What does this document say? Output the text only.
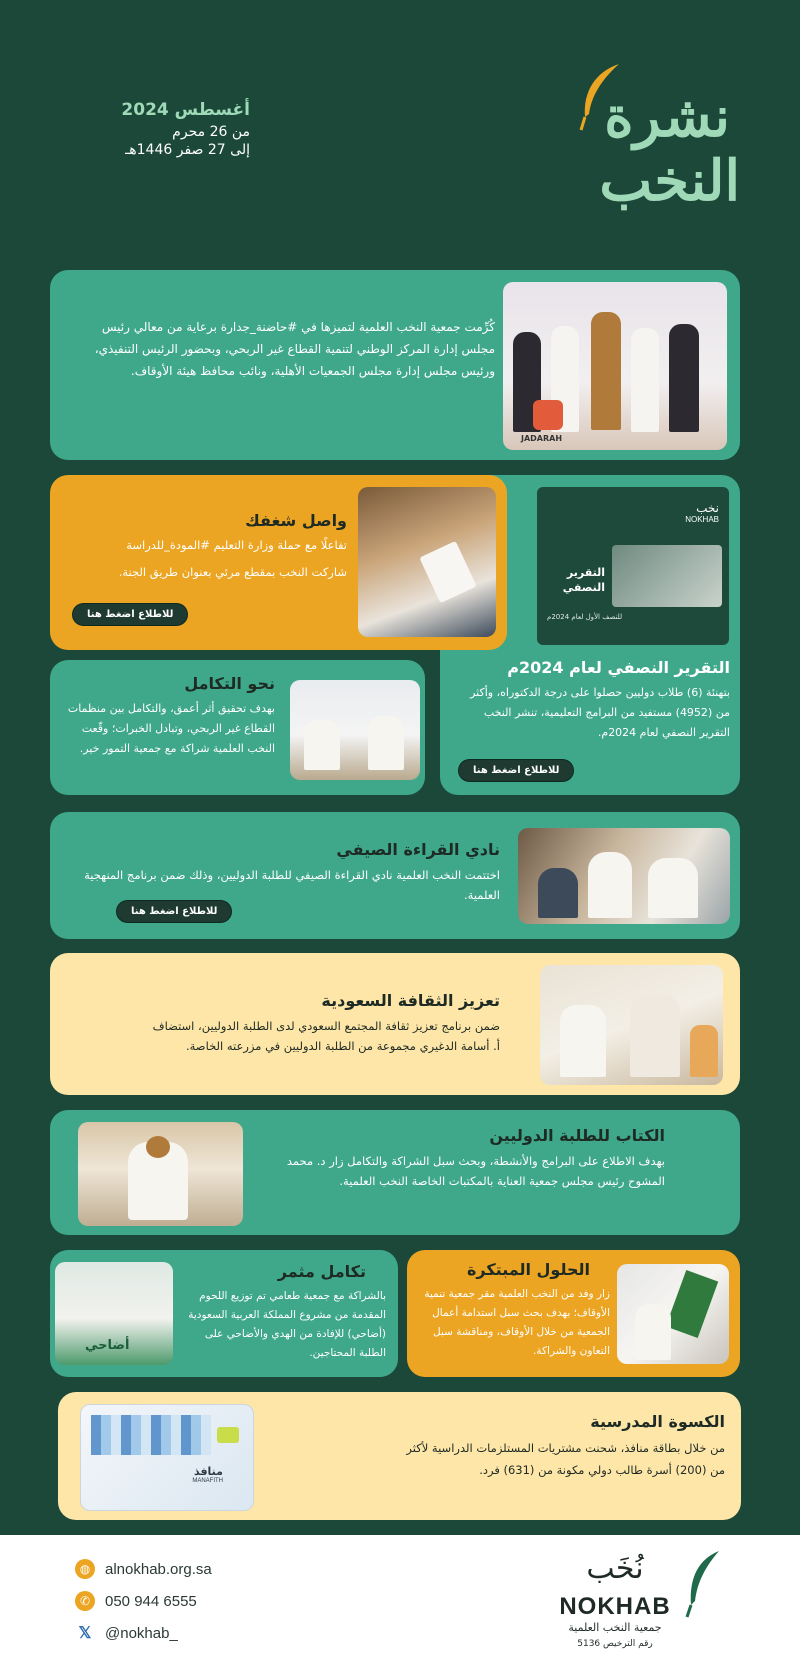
نشرة
النخب
أغسطس 2024
من 26 محرم
إلى 27 صفر 1446هـ
JADARAH

كُرِّمت جمعية النخب العلمية لتميزها في #حاضنة_جدارة برعاية من معالي رئيس مجلس إدارة المركز الوطني لتنمية القطاع غير الربحي، وبحضور الرئيس التنفيذي، ورئيس مجلس إدارة مجلس الجمعيات الأهلية، ونائب محافظ هيئة الأوقاف.

نخب
NOKHAB
التقرير
النصفي
للنصف الأول لعام 2024م
التقرير النصفي لعام 2024م

بتهنئة (6) طلاب دوليين حصلوا على درجة الدكتوراه، وأكثر من (4952) مستفيد من البرامج التعليمية، تنشر النخب التقرير النصفي لعام 2024م.

للاطلاع اضغط هنا
واصل شغفك

تفاعلًا مع حملة وزارة التعليم #المودة_للدراسة

شاركت النخب بمقطع مرئي بعنوان طريق الجنة.

للاطلاع اضغط هنا
نحو التكامل

بهدف تحقيق أثر أعمق، والتكامل بين منظمات القطاع غير الربحي، وتبادل الخبرات؛ وقّعت النخب العلمية شراكة مع جمعية التمور خير.

نادي القراءة الصيفي

اختتمت النخب العلمية نادي القراءة الصيفي للطلبة الدوليين، وذلك ضمن برنامج المنهجية العلمية.

للاطلاع اضغط هنا
تعزيز الثقافة السعودية

ضمن برنامج تعزيز ثقافة المجتمع السعودي لدى الطلبة الدوليين، استضاف

أ. أسامة الدغيري مجموعة من الطلبة الدوليين في مزرعته الخاصة.

الكتاب للطلبة الدوليين

بهدف الاطلاع على البرامج والأنشطة، وبحث سبل الشراكة والتكامل زار د. محمد المشوح رئيس مجلس جمعية العناية بالمكتبات الخاصة النخب العلمية.

أضاحي
تكامل مثمر

بالشراكة مع جمعية طعامي تم توزيع اللحوم المقدمة من مشروع المملكة العربية السعودية (أضاحي) للإفادة من الهدي والأضاحي على الطلبة المحتاجين.

الحلول المبتكرة

زار وفد من النخب العلمية مقر جمعية تنمية الأوقاف؛ بهدف بحث سبل استدامة أعمال الجمعية من خلال الأوقاف، ومناقشة سبل التعاون والشراكة.

منافذ
MANAFITH
الكسوة المدرسية

من خلال بطاقة منافذ، شحنت مشتريات المستلزمات الدراسية لأكثر

من (200) أسرة طالب دولي مكونة من (631) فرد.

◍ alnokhab.org.sa
✆ 050 944 6555
𝕏 @nokhab_
نُخَب
NOKHAB
جمعية النخب العلمية
رقم الترخيص 5136
